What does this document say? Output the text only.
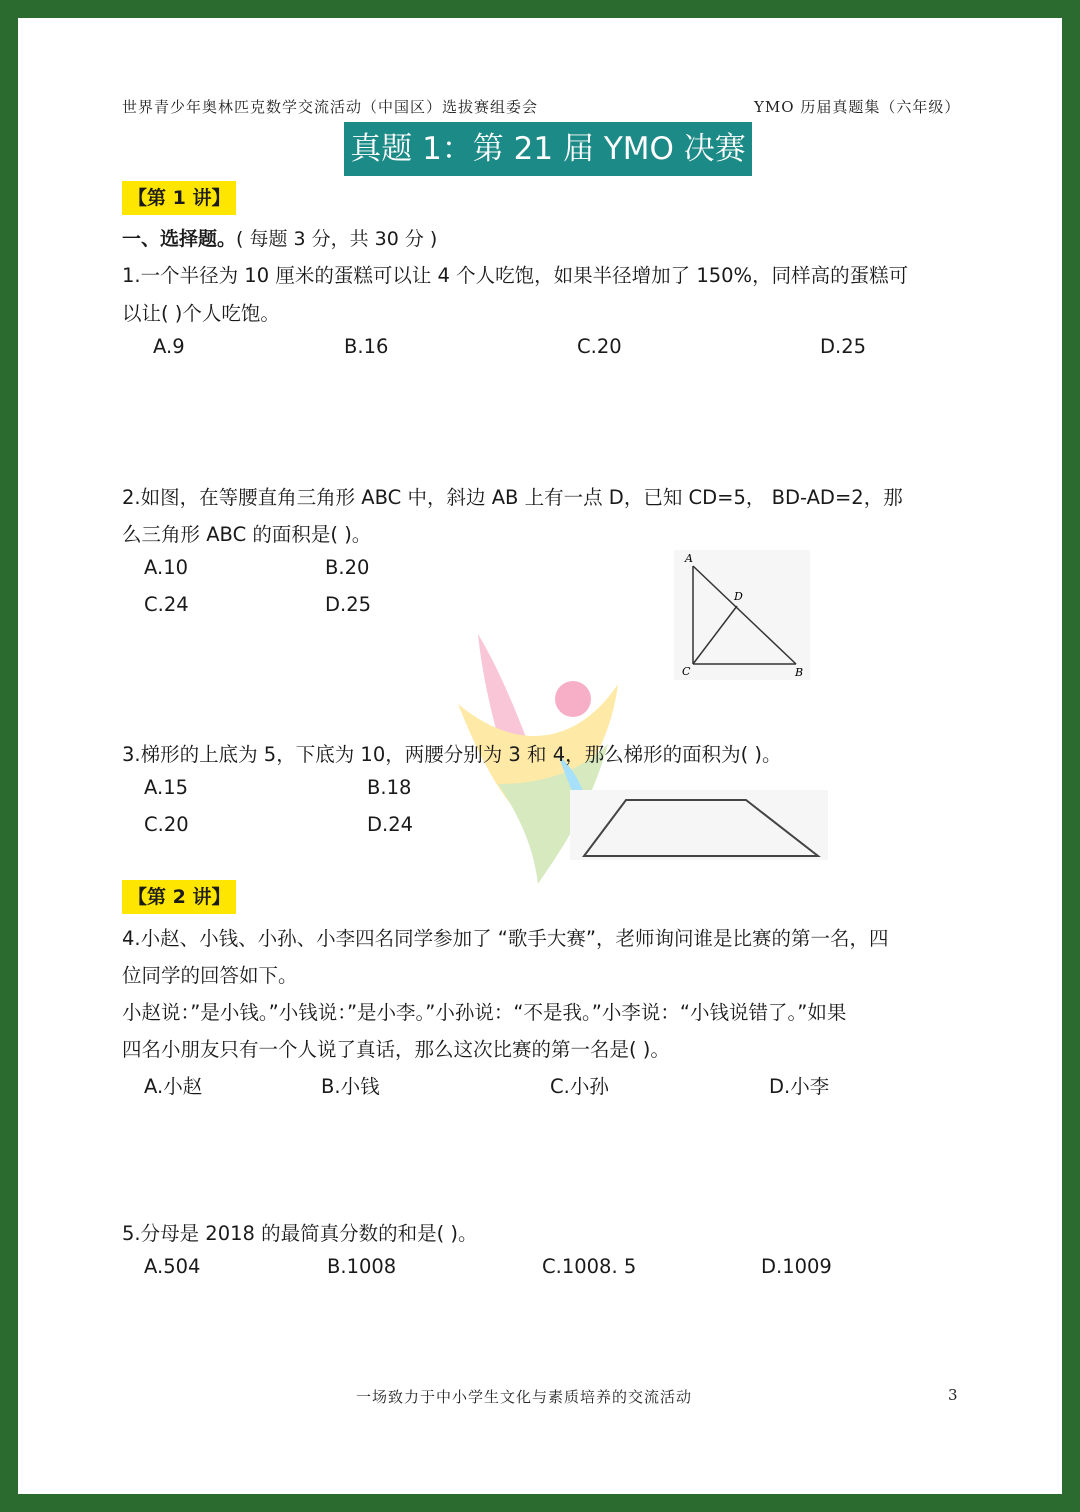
世界青少年奥林匹克数学交流活动（中国区）选拔赛组委会	YMO 历届真题集（六年级）
真题 1：第 21 届 YMO 决赛
【第 1 讲】
一、选择题。( 每题 3 分，共 30 分 )
1.一个半径为 10 厘米的蛋糕可以让 4 个人吃饱，如果半径增加了 150%，同样高的蛋糕可
以让( )个人吃饱。
A.9	B.16	C.20	D.25
2.如图，在等腰直角三角形 ABC 中，斜边 AB 上有一点 D，已知 CD=5， BD-AD=2，那
么三角形 ABC 的面积是( )。
A.10	B.20
C.24	D.25
A
D
C	B
3.梯形的上底为 5，下底为 10，两腰分别为 3 和 4，那么梯形的面积为( )。
A.15	B.18
C.20	D.24
【第 2 讲】
4.小赵、小钱、小孙、小李四名同学参加了 “歌手大赛”，老师询问谁是比赛的第一名，四
位同学的回答如下。
小赵说：”是小钱。”小钱说：”是小李。”小孙说：“不是我。”小李说：“小钱说错了。”如果
四名小朋友只有一个人说了真话，那么这次比赛的第一名是( )。
A.小赵	B.小钱	C.小孙	D.小李
5.分母是 2018 的最简真分数的和是( )。
A.504	B.1008	C.1008. 5	D.1009
一场致力于中小学生文化与素质培养的交流活动	3
